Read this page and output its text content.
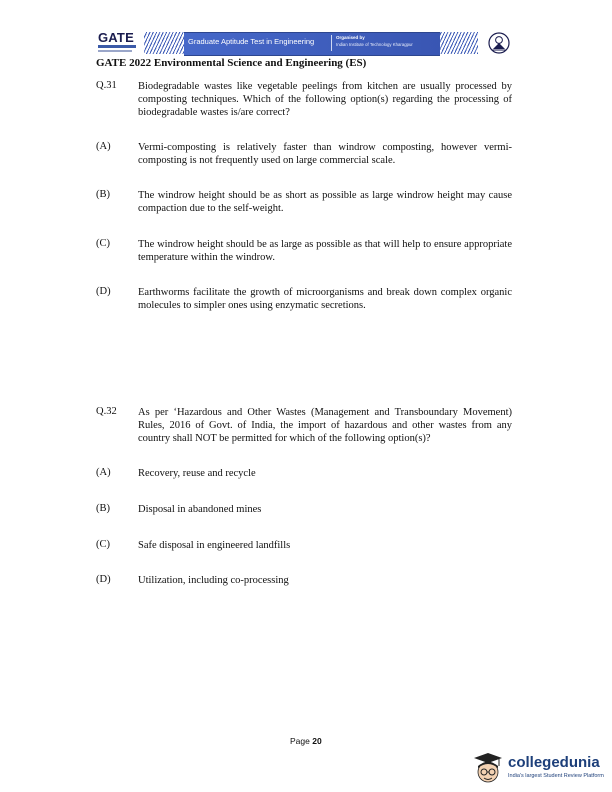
GATE	Graduate Aptitude Test in Engineering	Organised by
Indian Institute of Technology Kharagpur
GATE 2022 Environmental Science and Engineering (ES)
Q.31 Biodegradable wastes like vegetable peelings from kitchen are usually processed by composting techniques. Which of the following option(s) regarding the processing of biodegradable wastes is/are correct?
(A)	Vermi-composting is relatively faster than windrow composting, however vermi-composting is not frequently used on large commercial scale.
(B)	The windrow height should be as short as possible as large windrow height may cause compaction due to the self-weight.
(C)	The windrow height should be as large as possible as that will help to ensure appropriate temperature within the windrow.
(D)	Earthworms facilitate the growth of microorganisms and break down complex organic molecules to simpler ones using enzymatic secretions.
Q.32 As per ‘Hazardous and Other Wastes (Management and Transboundary Movement) Rules, 2016 of Govt. of India, the import of hazardous and other wastes from any country shall NOT be permitted for which of the following option(s)?
(A)	Recovery, reuse and recycle
(B)	Disposal in abandoned mines
(C)	Safe disposal in engineered landfills
(D)	Utilization, including co-processing
Page 20
collegedunia
India's largest Student Review Platform
